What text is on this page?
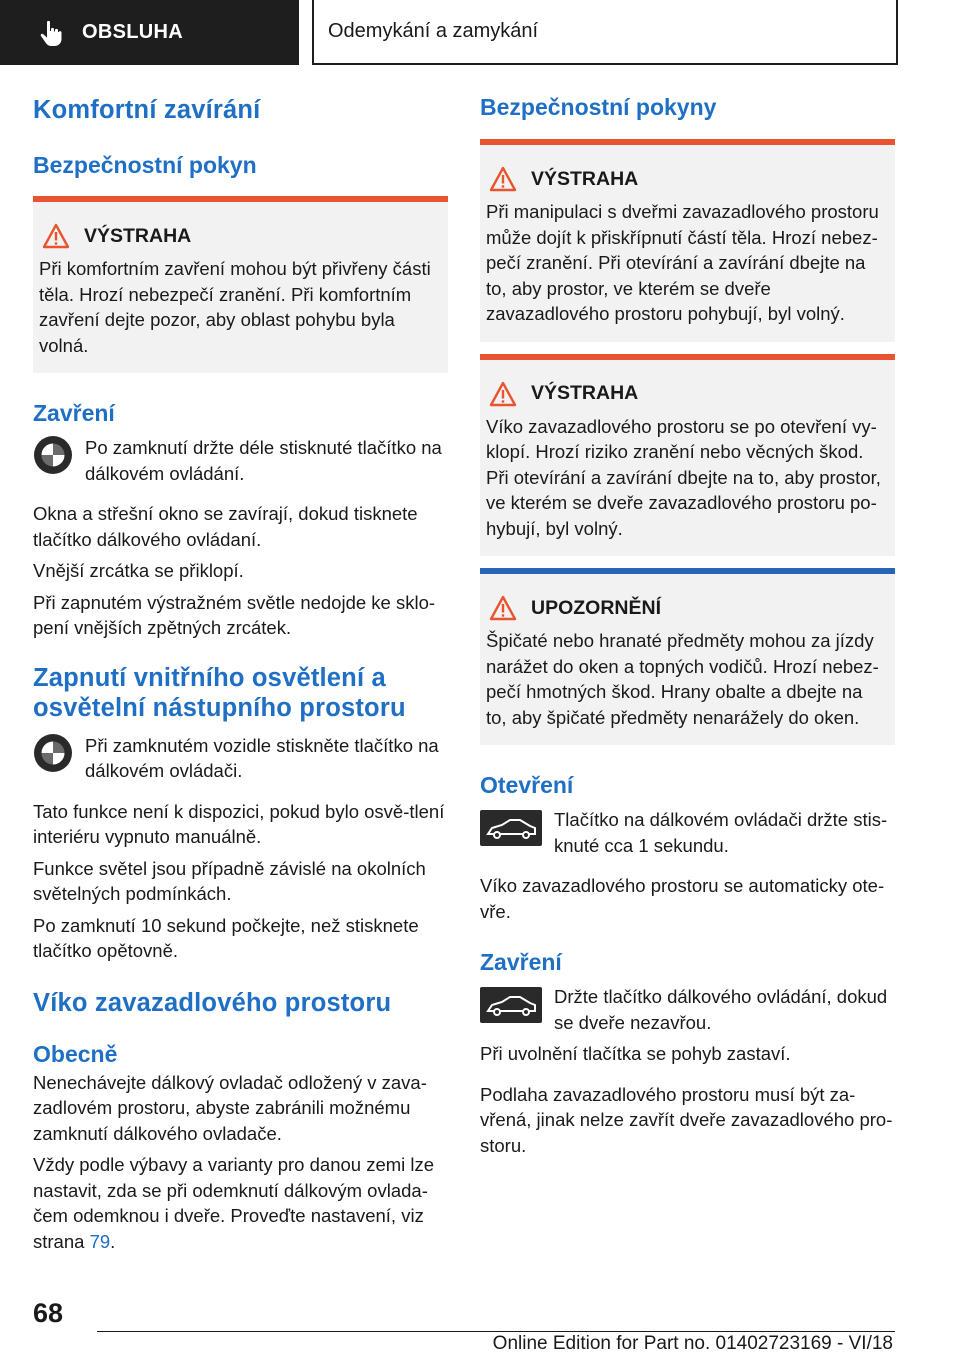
OBSLUHA	Odemykání a zamykání
Komfortní zavírání
Bezpečnostní pokyn
VÝSTRAHA

Při komfortním zavření mohou být přivřeny části těla. Hrozí nebezpečí zranění. Při komfortním zavření dejte pozor, aby oblast pohybu byla volná.

Zavření

Po zamknutí držte déle stisknuté tlačítko na dálkovém ovládání.

Okna a střešní okno se zavírají, dokud tisknete tlačítko dálkového ovládaní.

Vnější zrcátka se přiklopí.

Při zapnutém výstražném světle nedojde ke sklo-pení vnějších zpětných zrcátek.

Zapnutí vnitřního osvětlení a osvětelní nástupního prostoru

Při zamknutém vozidle stiskněte tlačítko na dálkovém ovládači.

Tato funkce není k dispozici, pokud bylo osvě-tlení interiéru vypnuto manuálně.

Funkce světel jsou případně závislé na okolních světelných podmínkách.

Po zamknutí 10 sekund počkejte, než stisknete tlačítko opětovně.

Víko zavazadlového prostoru
Obecně

Nenechávejte dálkový ovladač odložený v zava-zadlovém prostoru, abyste zabránili možnému zamknutí dálkového ovladače.

Vždy podle výbavy a varianty pro danou zemi lze nastavit, zda se při odemknutí dálkovým ovlada-čem odemknou i dveře. Proveďte nastavení, viz strana 79.

Bezpečnostní pokyny
VÝSTRAHA

Při manipulaci s dveřmi zavazadlového prostoru může dojít k přiskřípnutí částí těla. Hrozí nebez-pečí zranění. Při otevírání a zavírání dbejte na to, aby prostor, ve kterém se dveře zavazadlového prostoru pohybují, byl volný.

VÝSTRAHA

Víko zavazadlového prostoru se po otevření vy-klopí. Hrozí riziko zranění nebo věcných škod. Při otevírání a zavírání dbejte na to, aby prostor, ve kterém se dveře zavazadlového prostoru po-hybují, byl volný.

UPOZORNĚNÍ

Špičaté nebo hranaté předměty mohou za jízdy narážet do oken a topných vodičů. Hrozí nebez-pečí hmotných škod. Hrany obalte a dbejte na to, aby špičaté předměty nenarážely do oken.

Otevření

Tlačítko na dálkovém ovládači držte stis-knuté cca 1 sekundu.

Víko zavazadlového prostoru se automaticky ote-vře.

Zavření

Držte tlačítko dálkového ovládání, dokud se dveře nezavřou.

Při uvolnění tlačítka se pohyb zastaví.

Podlaha zavazadlového prostoru musí být za-vřená, jinak nelze zavřít dveře zavazadlového pro-storu.

68
Online Edition for Part no. 01402723169 - VI/18
